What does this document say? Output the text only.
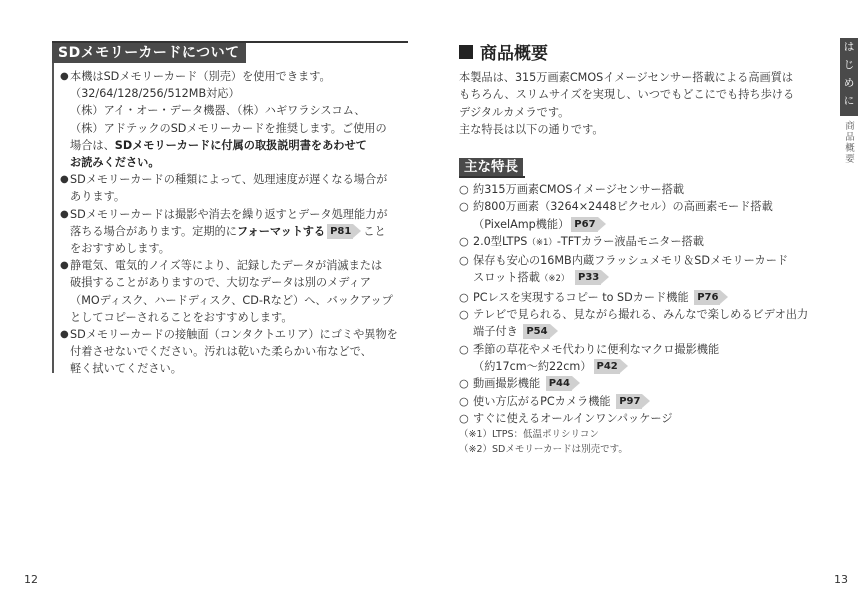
SDメモリーカードについて
● 本機はSDメモリーカード（別売）を使用できます。
（32/64/128/256/512MB対応）
（株）アイ・オー・データ機器、（株）ハギワラシスコム、
（株）アドテックのSDメモリーカードを推奨します。ご使用の
場合は、SDメモリーカードに付属の取扱説明書をあわせて
お読みください。
● SDメモリーカードの種類によって、処理速度が遅くなる場合が
あります。
● SDメモリーカードは撮影や消去を繰り返すとデータ処理能力が
落ちる場合があります。定期的にフォーマットする P81 こと
をおすすめします。
● 静電気、電気的ノイズ等により、記録したデータが消滅または
破損することがありますので、大切なデータは別のメディア
（MOディスク、ハードディスク、CD-Rなど）へ、バックアップ
としてコピーされることをおすすめします。
● SDメモリーカードの接触面（コンタクトエリア）にゴミや異物を
付着させないでください。汚れは乾いた柔らかい布などで、
軽く拭いてください。
12
商品概要
本製品は、315万画素CMOSイメージセンサー搭載による高画質は
もちろん、スリムサイズを実現し、いつでもどこにでも持ち歩ける
デジタルカメラです。
主な特長は以下の通りです。
主な特長
○ 約315万画素CMOSイメージセンサー搭載
○ 約800万画素（3264×2448ピクセル）の高画素モード搭載
（PixelAmp機能） P67
○ 2.0型LTPS（※1）-TFTカラー液晶モニター搭載
○ 保存も安心の16MB内蔵フラッシュメモリ＆SDメモリーカード
スロット搭載（※2） P33
○ PCレスを実現するコピー to SDカード機能 P76
○ テレビで見られる、見ながら撮れる、みんなで楽しめるビデオ出力
端子付き P54
○ 季節の草花やメモ代わりに便利なマクロ撮影機能
（約17cm〜約22cm） P42
○ 動画撮影機能 P44
○ 使い方広がるPCカメラ機能 P97
○ すぐに使えるオールインワンパッケージ
（※1）LTPS：低温ポリシリコン
（※2）SDメモリーカードは別売です。
は
じ
め
に
商
品
概
要
13
